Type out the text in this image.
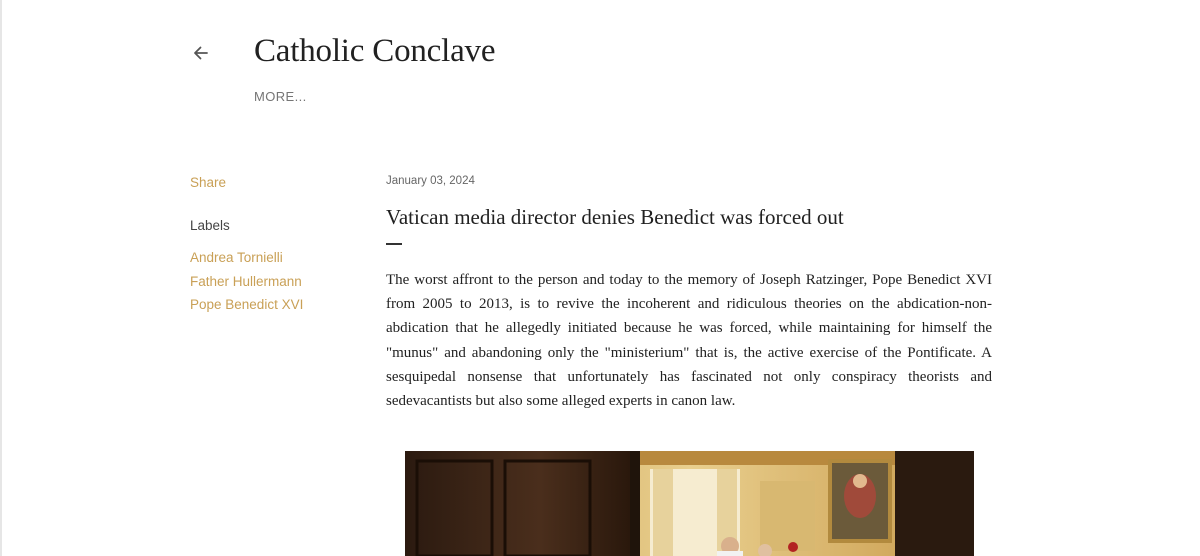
Catholic Conclave
MORE...
Share
Labels
Andrea Tornielli
Father Hullermann
Pope Benedict XVI
January 03, 2024
Vatican media director denies Benedict was forced out

The worst affront to the person and today to the memory of Joseph Ratzinger, Pope Benedict XVI from 2005 to 2013, is to revive the incoherent and ridiculous theories on the abdication-non-abdication that he allegedly initiated because he was forced, while maintaining for himself the "munus" and abandoning only the "ministerium" that is, the active exercise of the Pontificate. A sesquipedal nonsense that unfortunately has fascinated not only conspiracy theorists and sedevacantists but also some alleged experts in canon law.
